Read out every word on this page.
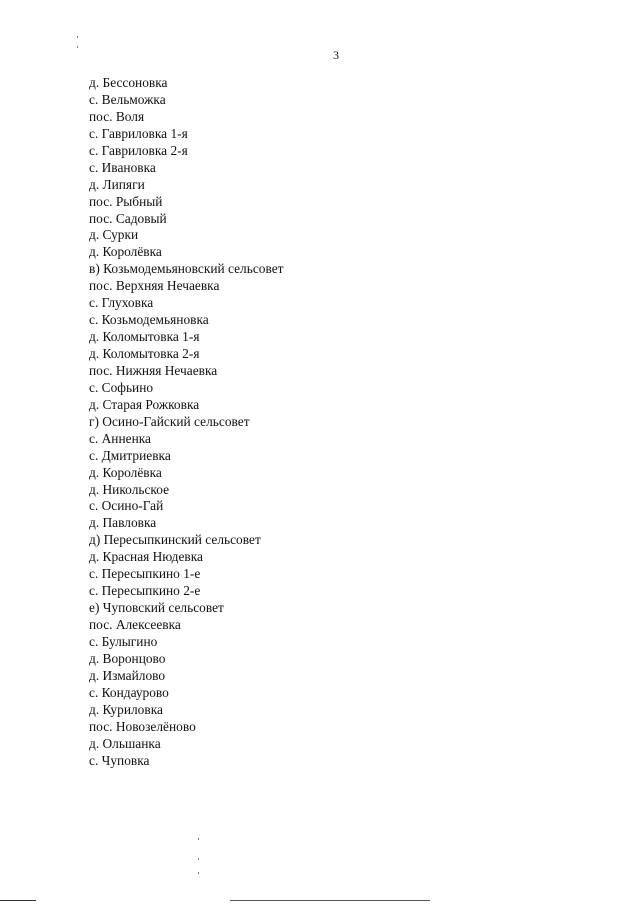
3
д. Бессоновка
с. Вельможка
пос. Воля
с. Гавриловка 1-я
с. Гавриловка 2-я
с. Ивановка
д. Липяги
пос. Рыбный
пос. Садовый
д. Сурки
д. Королёвка
в) Козьмодемьяновский сельсовет
пос. Верхняя Нечаевка
с. Глуховка
с. Козьмодемьяновка
д. Коломытовка 1-я
д. Коломытовка 2-я
пос. Нижняя Нечаевка
с. Софьино
д. Старая Рожковка
г) Осино-Гайский сельсовет
с. Анненка
с. Дмитриевка
д. Королёвка
д. Никольское
с. Осино-Гай
д. Павловка
д) Пересыпкинский сельсовет
д. Красная Нюдевка
с. Пересыпкино 1-е
с. Пересыпкино 2-е
е) Чуповский сельсовет
пос. Алексеевка
с. Булыгино
д. Воронцово
д. Измайлово
с. Кондаурово
д. Куриловка
пос. Новозелёново
д. Ольшанка
с. Чуповка
